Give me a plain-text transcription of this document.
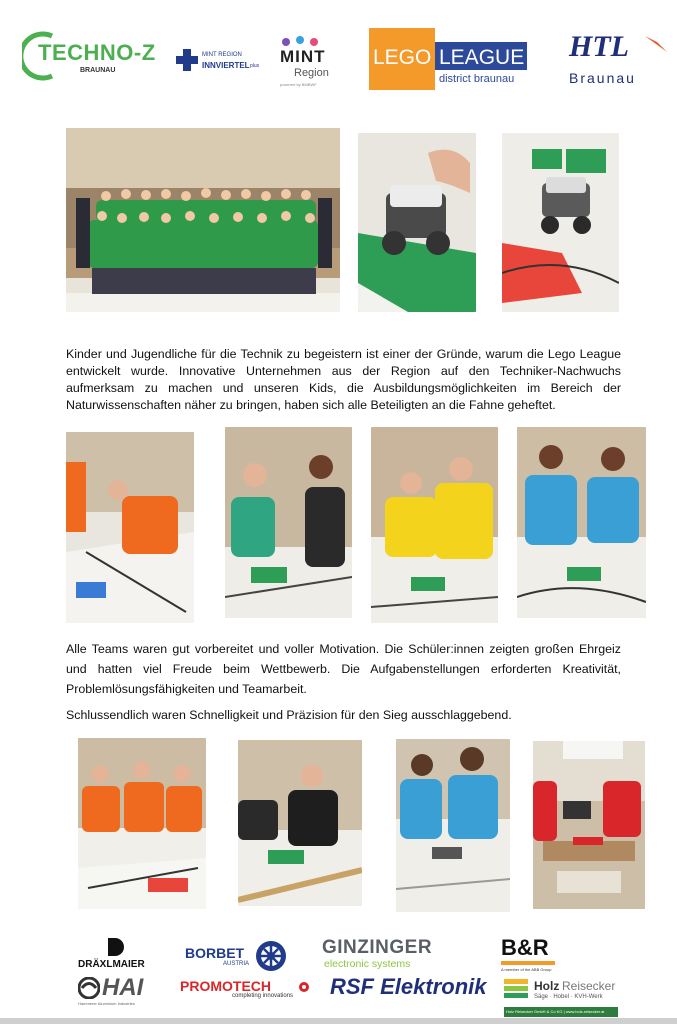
TECHNO-Z
BRAUNAU
MINT REGION
INNVIERTEL plus MINT
Region
powered by BMBWF
LEGO LEAGUE
district braunau
HTL
Braunau
Kinder und Jugendliche für die Technik zu begeistern ist einer der Gründe, warum die Lego League entwickelt wurde. Innovative Unternehmen aus der Region auf den Techniker-Nachwuchs aufmerksam zu machen und unseren Kids, die Ausbildungsmöglichkeiten im Bereich der Naturwissenschaften näher zu bringen, haben sich alle Beteiligten an die Fahne geheftet.
Alle Teams waren gut vorbereitet und voller Motivation. Die Schüler:innen zeigten großen Ehrgeiz und hatten viel Freude beim Wettbewerb. Die Aufgabenstellungen erforderten Kreativität, Problemlösungsfähigkeiten und Teamarbeit.
Schlussendlich waren Schnelligkeit und Präzision für den Sieg ausschlaggebend.
DRÄXLMAIER
BORBET
AUSTRIA
GINZINGER
electronic systems
B&R
A member of the ABB Group
HAI
Hammerer Aluminium Industries
PROMOTECH
completing innovations RSF Elektronik	Holz Reisecker
Säge · Hobel · KVH-Werk
Holz Reisecker GmbH & Co KG | www.holz-reisecker.at
